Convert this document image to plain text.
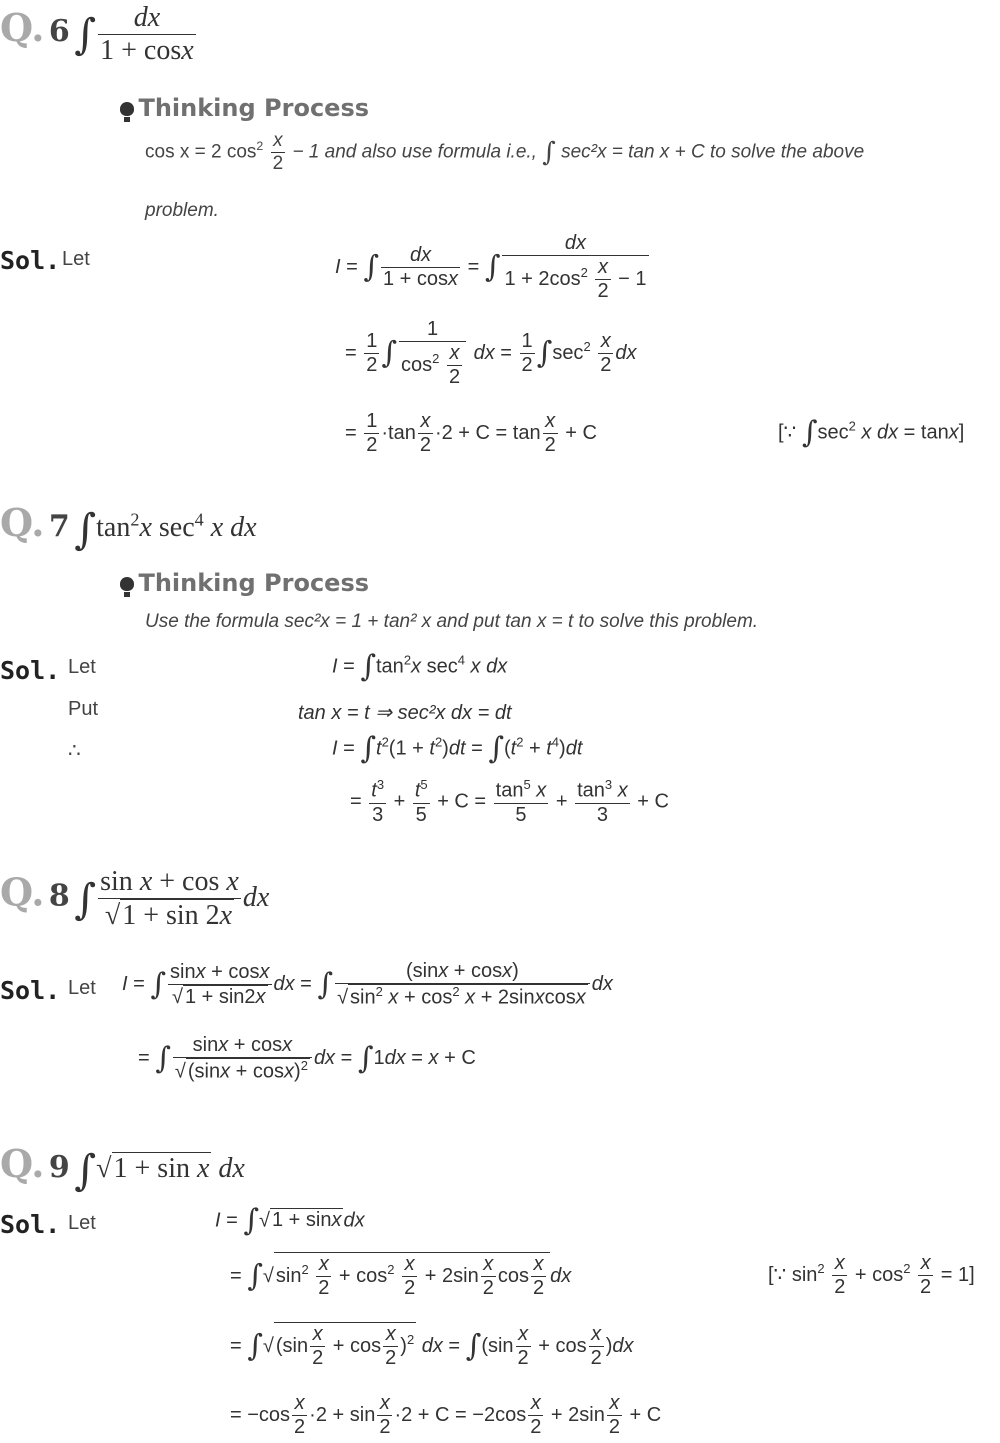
Q. 6 ∫ $\frac{dx}{1 + \cos x}$
Thinking Process
cos x = 2 $\cos^2 \frac{x}{2} - 1$ and also use formula i.e., ∫ sec²x = tan x + C to solve the above
problem.
Sol. Let	I = ∫ $\frac{dx}{1 + \cos x}$ = ∫ $\frac{dx}{1 + 2\cos^2 \frac{x}{2} - 1}$
= $\frac{1}{2}$ ∫ $\frac{1}{\cos^2 \frac{x}{2}}$ dx = $\frac{1}{2} \int\sec^2 \frac{x}{2}$ dx
= $\frac{1}{2} \cdot\tan \frac{x}{2} \cdot 2 + C = \tan \frac{x}{2} + C$	[∵ $\int\sec^2$ x dx = tanx]
Q. 7 $\int\tan^2x$ $\sec^4 x$ dx
Thinking Process
Use the formula sec²x = 1 + tan² x and put tan x = t to solve this problem.
Sol. Let
Put
∴
$I = \int\tan^2x$ $\sec^4 x$ dx
tan x = t ⇒ sec²x dx = dt
$I = \int t^2(1 + t^2)dt = \int(t^2 + t^4)dt$
= $\frac{t^3}{3} + \frac{t^5}{5} + C = \frac{\tan^5 x}{5} + \frac{\tan^3 x}{3} + C$
Q. 8 ∫ $\frac{\text{sin x + cos x}}{√1 + \sin 2x}$ dx
Sol. Let I = ∫ $\frac{\sin x + \cos x}{√ 1 + \sin 2x}$ dx = ∫ $\frac{(\sin x + \cos x)}{√ \sin^2 x + \cos^2 x + 2sinxcosx}$ dx
= ∫ $\frac{\sin x + \cos x}{√ (\sin x + \cos x)^2}$ dx = ∫1dx = x + C
Q. 9 ∫√1 + sin x dx
Sol. Let	I = ∫√ 1 + sinx dx
= ∫√ $\sin^2 \frac{x}{2} + \cos^2 \frac{x}{2} + 2\sin \frac{x}{2}$ $\cos \frac{x}{2}$ dx	[∵ $\sin^2 \frac{x}{2} + \cos^2 \frac{x}{2} = 1$]
= ∫√ $(\sin \frac{x}{2} + \cos \frac{x}{2} )^2$ dx = $\int(\sin \frac{x}{2} + \cos \frac{x}{2} )dx$
= $-\cos \frac{x}{2} \cdot 2 + \sin \frac{x}{2} \cdot 2 + C = -2\cos \frac{x}{2} + 2\sin \frac{x}{2} + C$
